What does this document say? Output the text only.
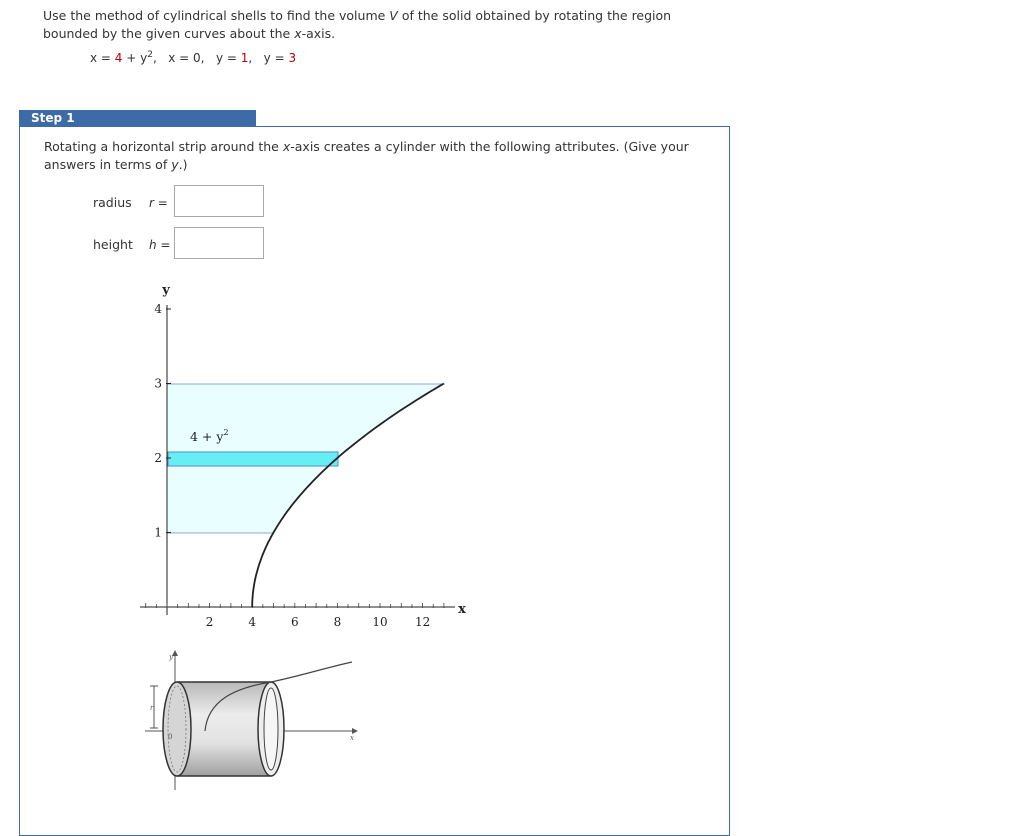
Use the method of cylindrical shells to find the volume V of the solid obtained by rotating the region bounded by the given curves about the x-axis.
$x = 4 + y^2$, x = 0, y = 1, y = 3
Step 1
Rotating a horizontal strip around the x-axis creates a cylinder with the following attributes. (Give your answers in terms of y.)
radius r =
height h =
1
2
3
4
2	4	6	8	10 12
y
x
$4 + y^2$
r
y
x
0
